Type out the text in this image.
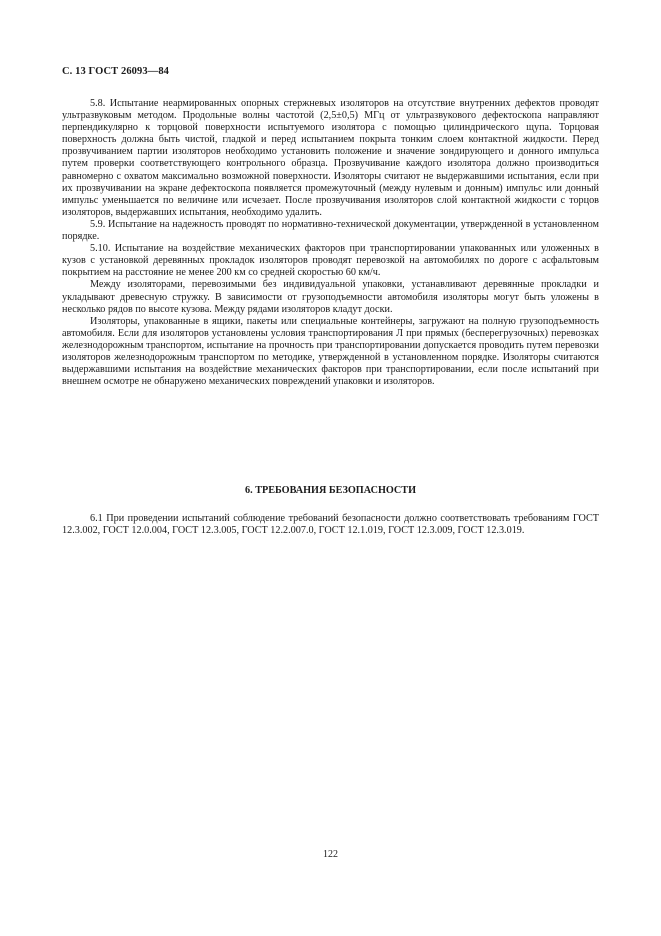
С. 13 ГОСТ 26093—84

5.8. Испытание неармированных опорных стержневых изоляторов на отсутствие внутренних дефектов проводят ультразвуковым методом. Продольные волны частотой (2,5±0,5) МГц от ультразвукового дефектоскопа направляют перпендикулярно к торцовой поверхности испытуемого изолятора с помощью цилиндрического щупа. Торцовая поверхность должна быть чистой, гладкой и перед испытанием покрыта тонким слоем контактной жидкости. Перед прозвучиванием партии изоляторов необходимо установить положение и значение зондирующего и донного импульса путем проверки соответствующего контрольного образца. Прозвучивание каждого изолятора должно производиться равномерно с охватом максимально возможной поверхности. Изоляторы считают не выдержавшими испытания, если при их прозвучивании на экране дефектоскопа появляется промежуточный (между нулевым и донным) импульс или донный импульс уменьшается по величине или исчезает. После прозвучивания изоляторов слой контактной жидкости с торцов изоляторов, выдержавших испытания, необходимо удалить.

5.9. Испытание на надежность проводят по нормативно-технической документации, утвержденной в установленном порядке.

5.10. Испытание на воздействие механических факторов при транспортировании упакованных или уложенных в кузов с установкой деревянных прокладок изоляторов проводят перевозкой на автомобилях по дороге с асфальтовым покрытием на расстояние не менее 200 км со средней скоростью 60 км/ч.

Между изоляторами, перевозимыми без индивидуальной упаковки, устанавливают деревянные прокладки и укладывают древесную стружку. В зависимости от грузоподъемности автомобиля изоляторы могут быть уложены в несколько рядов по высоте кузова. Между рядами изоляторов кладут доски.

Изоляторы, упакованные в ящики, пакеты или специальные контейнеры, загружают на полную грузоподъемность автомобиля. Если для изоляторов установлены условия транспортирования Л при прямых (бесперегрузочных) перевозках железнодорожным транспортом, испытание на прочность при транспортировании допускается проводить путем перевозки изоляторов железнодорожным транспортом по методике, утвержденной в установленном порядке. Изоляторы считаются выдержавшими испытания на воздействие механических факторов при транспортировании, если после испытаний при внешнем осмотре не обнаружено механических повреждений упаковки и изоляторов.

6. ТРЕБОВАНИЯ БЕЗОПАСНОСТИ

6.1 При проведении испытаний соблюдение требований безопасности должно соответствовать требованиям ГОСТ 12.3.002, ГОСТ 12.0.004, ГОСТ 12.3.005, ГОСТ 12.2.007.0, ГОСТ 12.1.019, ГОСТ 12.3.009, ГОСТ 12.3.019.

122
